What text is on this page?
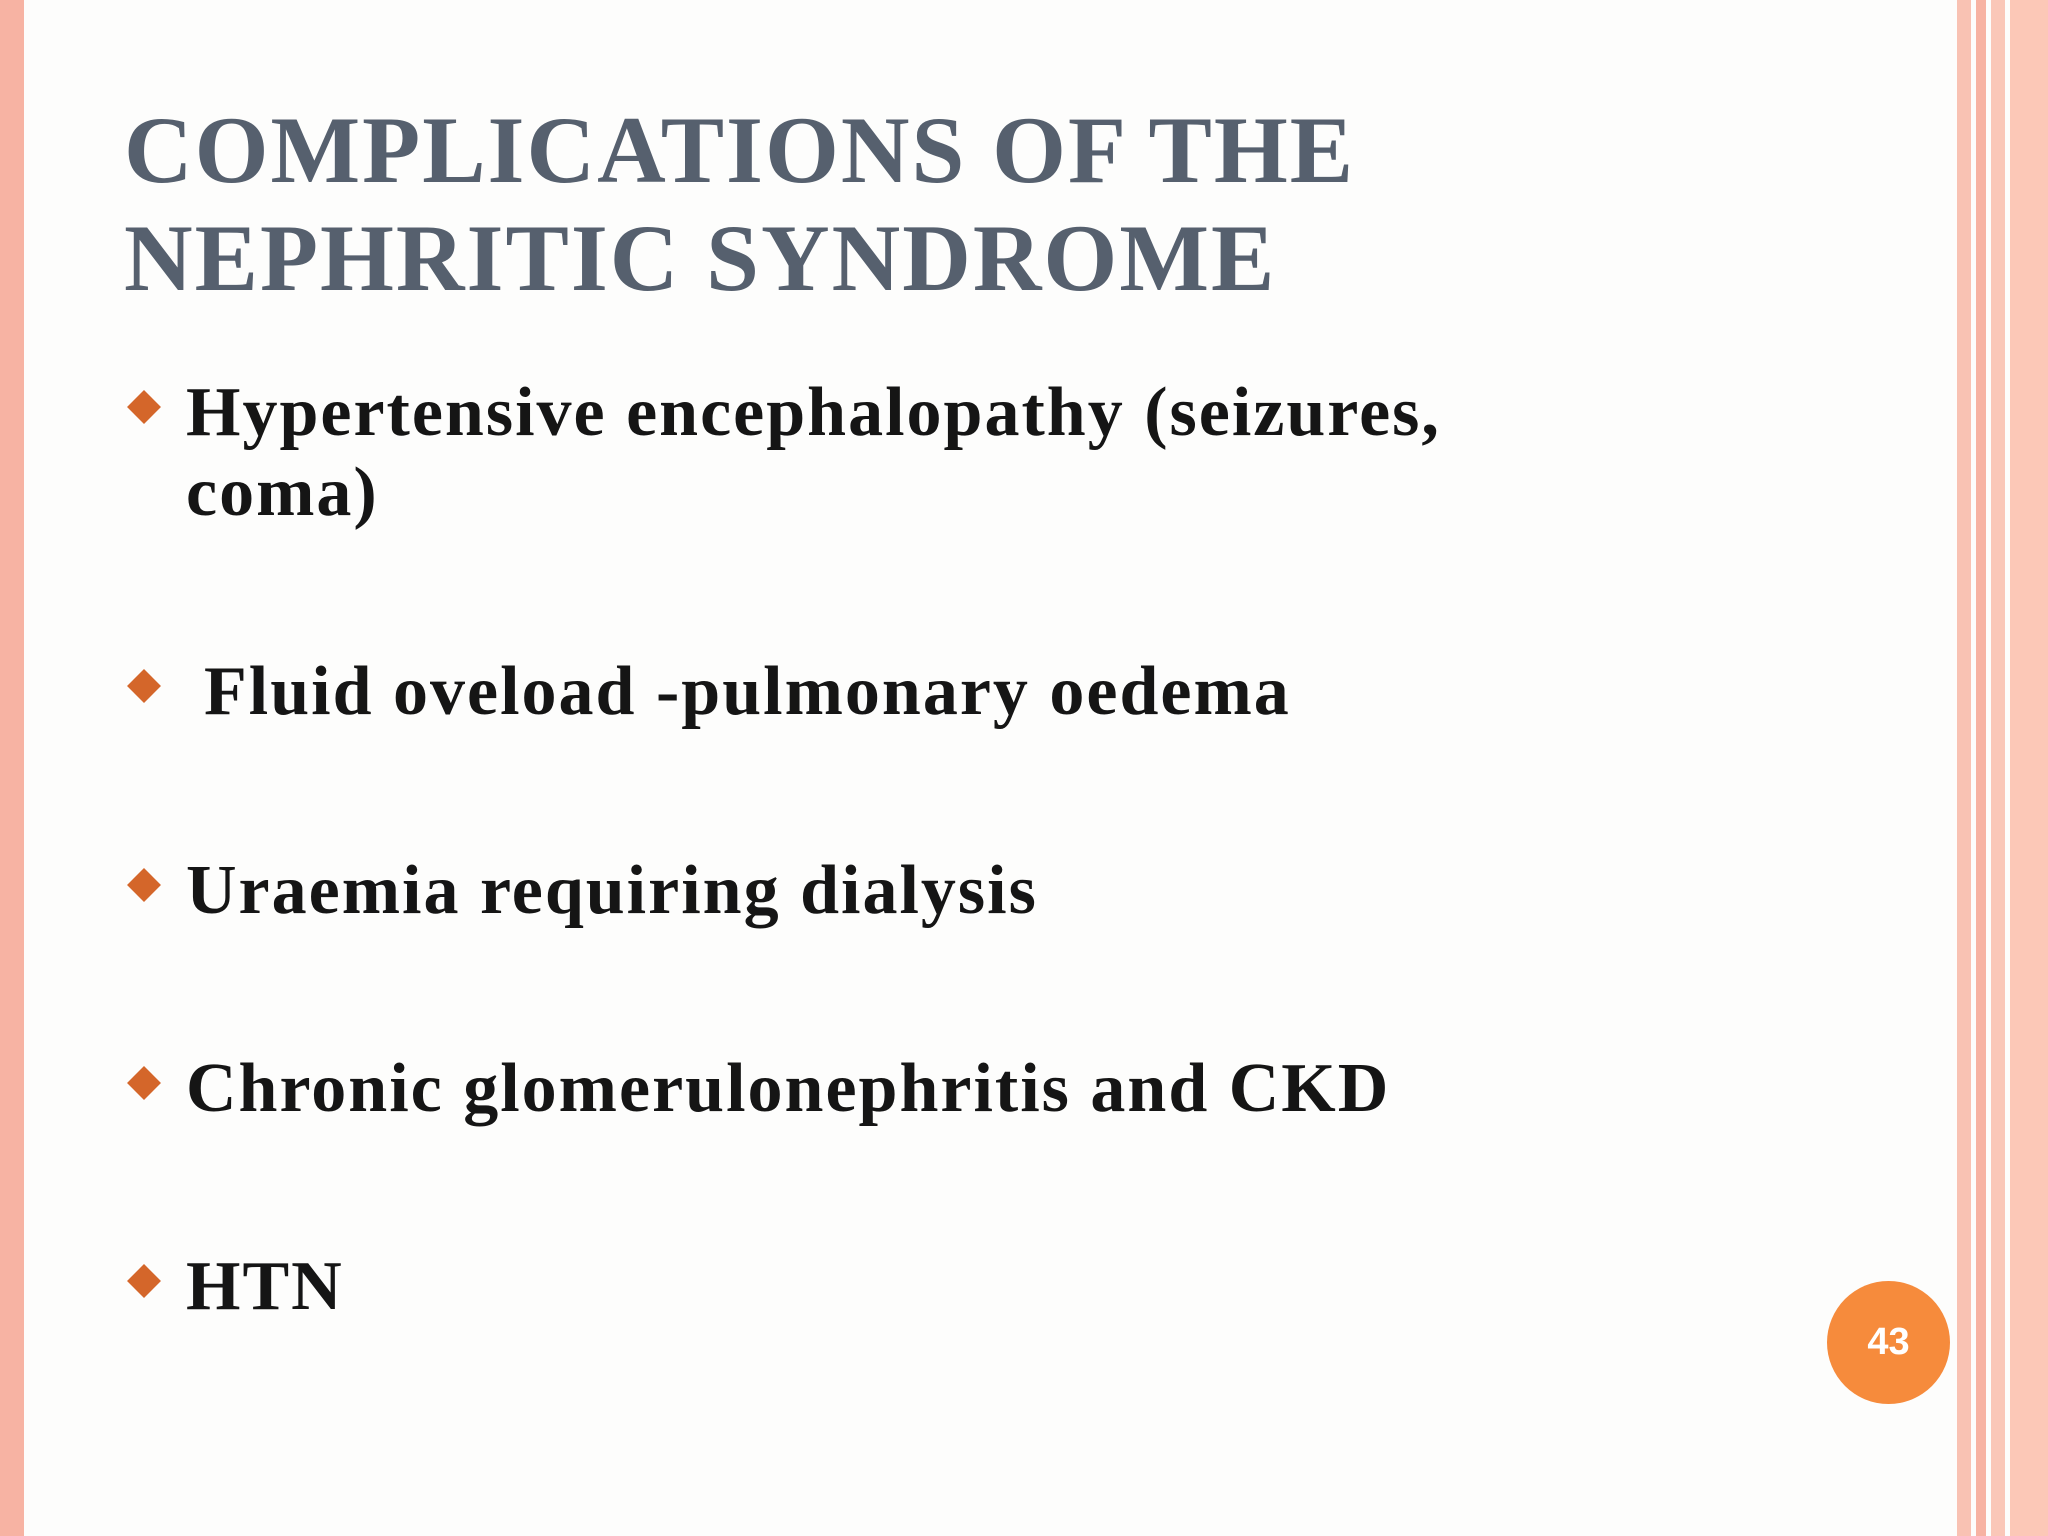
COMPLICATIONS OF THE
NEPHRITIC SYNDROME
Hypertensive encephalopathy (seizures,
coma)
Fluid oveload -pulmonary oedema
Uraemia requiring dialysis
Chronic glomerulonephritis and CKD
HTN
43
